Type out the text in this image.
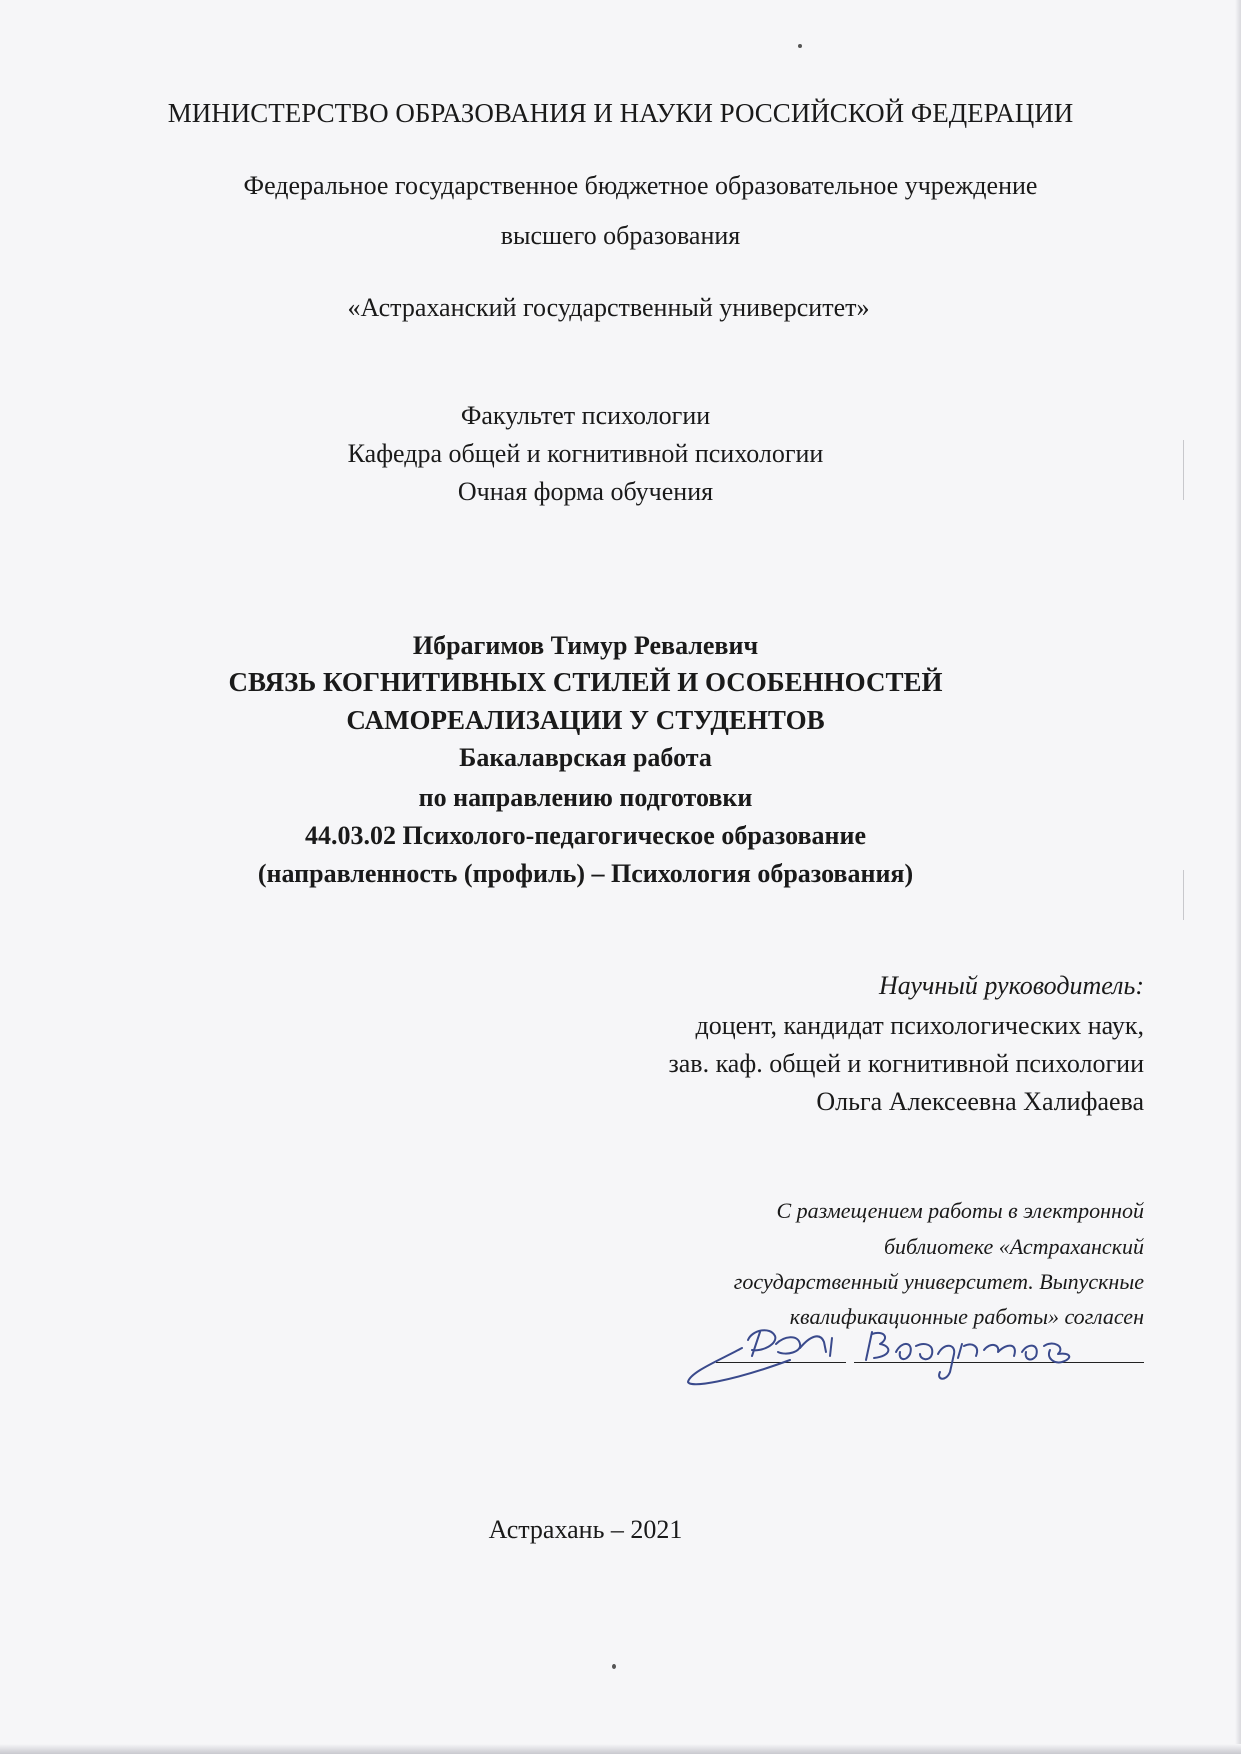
МИНИСТЕРСТВО ОБРАЗОВАНИЯ И НАУКИ РОССИЙСКОЙ ФЕДЕРАЦИИ
Федеральное государственное бюджетное образовательное учреждение
высшего образования
«Астраханский государственный университет»
Факультет психологии
Кафедра общей и когнитивной психологии
Очная форма обучения
Ибрагимов Тимур Ревалевич
СВЯЗЬ КОГНИТИВНЫХ СТИЛЕЙ И ОСОБЕННОСТЕЙ
САМОРЕАЛИЗАЦИИ У СТУДЕНТОВ
Бакалаврская работа
по направлению подготовки
44.03.02 Психолого-педагогическое образование
(направленность (профиль) – Психология образования)
Научный руководитель:
доцент, кандидат психологических наук,
зав. каф. общей и когнитивной психологии
Ольга Алексеевна Халифаева
С размещением работы в электронной
библиотеке «Астраханский
государственный университет. Выпускные
квалификационные работы» согласен
Астрахань – 2021
